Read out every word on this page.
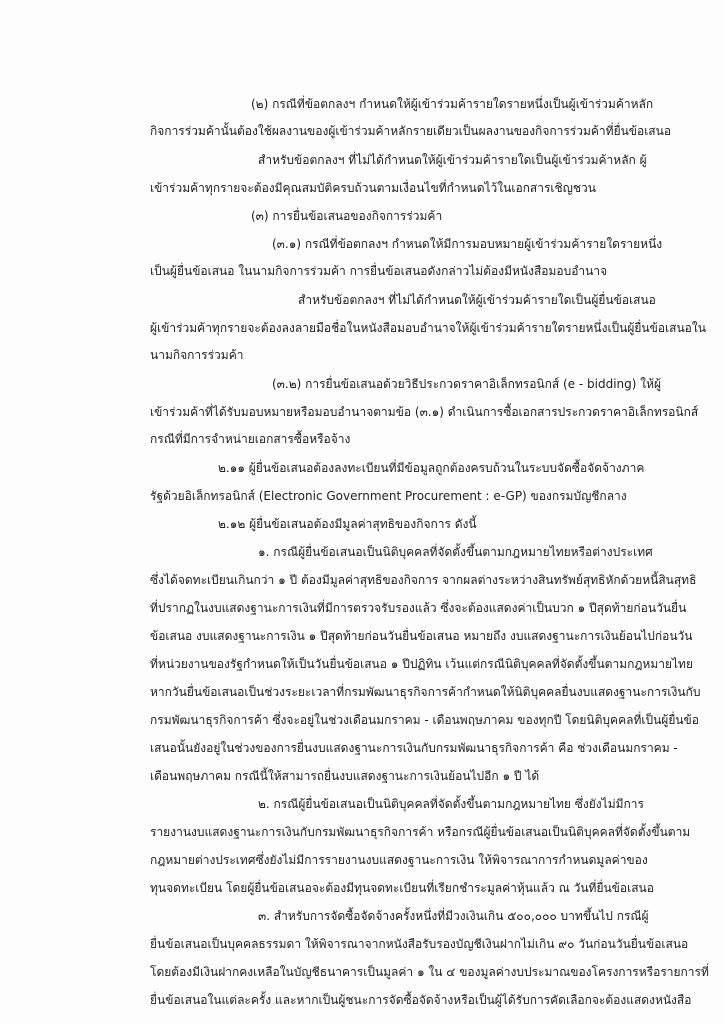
(๒) กรณีที่ข้อตกลงฯ กำหนดให้ผู้เข้าร่วมค้ารายใดรายหนึ่งเป็นผู้เข้าร่วมค้าหลัก
กิจการร่วมค้านั้นต้องใช้ผลงานของผู้เข้าร่วมค้าหลักรายเดียวเป็นผลงานของกิจการร่วมค้าที่ยื่นข้อเสนอ
สำหรับข้อตกลงฯ ที่ไม่ได้กำหนดให้ผู้เข้าร่วมค้ารายใดเป็นผู้เข้าร่วมค้าหลัก ผู้
เข้าร่วมค้าทุกรายจะต้องมีคุณสมบัติครบถ้วนตามเงื่อนไขที่กำหนดไว้ในเอกสารเชิญชวน
(๓) การยื่นข้อเสนอของกิจการร่วมค้า
(๓.๑) กรณีที่ข้อตกลงฯ กำหนดให้มีการมอบหมายผู้เข้าร่วมค้ารายใดรายหนึ่ง
เป็นผู้ยื่นข้อเสนอ ในนามกิจการร่วมค้า การยื่นข้อเสนอดังกล่าวไม่ต้องมีหนังสือมอบอำนาจ
สำหรับข้อตกลงฯ ที่ไม่ได้กำหนดให้ผู้เข้าร่วมค้ารายใดเป็นผู้ยื่นข้อเสนอ
ผู้เข้าร่วมค้าทุกรายจะต้องลงลายมือชื่อในหนังสือมอบอำนาจให้ผู้เข้าร่วมค้ารายใดรายหนึ่งเป็นผู้ยื่นข้อเสนอใน
นามกิจการร่วมค้า
(๓.๒) การยื่นข้อเสนอด้วยวิธีประกวดราคาอิเล็กทรอนิกส์ (e - bidding) ให้ผู้
เข้าร่วมค้าที่ได้รับมอบหมายหรือมอบอำนาจตามข้อ (๓.๑) ดำเนินการซื้อเอกสารประกวดราคาอิเล็กทรอนิกส์
กรณีที่มีการจำหน่ายเอกสารซื้อหรือจ้าง
๒.๑๑ ผู้ยื่นข้อเสนอต้องลงทะเบียนที่มีข้อมูลถูกต้องครบถ้วนในระบบจัดซื้อจัดจ้างภาค
รัฐด้วยอิเล็กทรอนิกส์ (Electronic Government Procurement : e-GP) ของกรมบัญชีกลาง
๒.๑๒ ผู้ยื่นข้อเสนอต้องมีมูลค่าสุทธิของกิจการ ดังนี้
๑. กรณีผู้ยื่นข้อเสนอเป็นนิติบุคคลที่จัดตั้งขึ้นตามกฎหมายไทยหรือต่างประเทศ
ซึ่งได้จดทะเบียนเกินกว่า ๑ ปี ต้องมีมูลค่าสุทธิของกิจการ จากผลต่างระหว่างสินทรัพย์สุทธิหักด้วยหนี้สินสุทธิ
ที่ปรากฏในงบแสดงฐานะการเงินที่มีการตรวจรับรองแล้ว ซึ่งจะต้องแสดงค่าเป็นบวก ๑ ปีสุดท้ายก่อนวันยื่น
ข้อเสนอ งบแสดงฐานะการเงิน ๑ ปีสุดท้ายก่อนวันยื่นข้อเสนอ หมายถึง งบแสดงฐานะการเงินย้อนไปก่อนวัน
ที่หน่วยงานของรัฐกำหนดให้เป็นวันยื่นข้อเสนอ ๑ ปีปฏิทิน เว้นแต่กรณีนิติบุคคลที่จัดตั้งขึ้นตามกฎหมายไทย
หากวันยื่นข้อเสนอเป็นช่วงระยะเวลาที่กรมพัฒนาธุรกิจการค้ากำหนดให้นิติบุคคลยื่นงบแสดงฐานะการเงินกับ
กรมพัฒนาธุรกิจการค้า ซึ่งจะอยู่ในช่วงเดือนมกราคม - เดือนพฤษภาคม ของทุกปี โดยนิติบุคคลที่เป็นผู้ยื่นข้อ
เสนอนั้นยังอยู่ในช่วงของการยื่นงบแสดงฐานะการเงินกับกรมพัฒนาธุรกิจการค้า คือ ช่วงเดือนมกราคม -
เดือนพฤษภาคม กรณีนี้ให้สามารถยื่นงบแสดงฐานะการเงินย้อนไปอีก ๑ ปี ได้
๒. กรณีผู้ยื่นข้อเสนอเป็นนิติบุคคลที่จัดตั้งขึ้นตามกฎหมายไทย ซึ่งยังไม่มีการ
รายงานงบแสดงฐานะการเงินกับกรมพัฒนาธุรกิจการค้า หรือกรณีผู้ยื่นข้อเสนอเป็นนิติบุคคลที่จัดตั้งขึ้นตาม
กฎหมายต่างประเทศซึ่งยังไม่มีการรายงานงบแสดงฐานะการเงิน ให้พิจารณาการกำหนดมูลค่าของ
ทุนจดทะเบียน โดยผู้ยื่นข้อเสนอจะต้องมีทุนจดทะเบียนที่เรียกชำระมูลค่าหุ้นแล้ว ณ วันที่ยื่นข้อเสนอ
๓. สำหรับการจัดซื้อจัดจ้างครั้งหนึ่งที่มีวงเงินเกิน ๕๐๐,๐๐๐ บาทขึ้นไป กรณีผู้
ยื่นข้อเสนอเป็นบุคคลธรรมดา ให้พิจารณาจากหนังสือรับรองบัญชีเงินฝากไม่เกิน ๙๐ วันก่อนวันยื่นข้อเสนอ
โดยต้องมีเงินฝากคงเหลือในบัญชีธนาคารเป็นมูลค่า ๑ ใน ๔ ของมูลค่างบประมาณของโครงการหรือรายการที่
ยื่นข้อเสนอในแต่ละครั้ง และหากเป็นผู้ชนะการจัดซื้อจัดจ้างหรือเป็นผู้ได้รับการคัดเลือกจะต้องแสดงหนังสือ
